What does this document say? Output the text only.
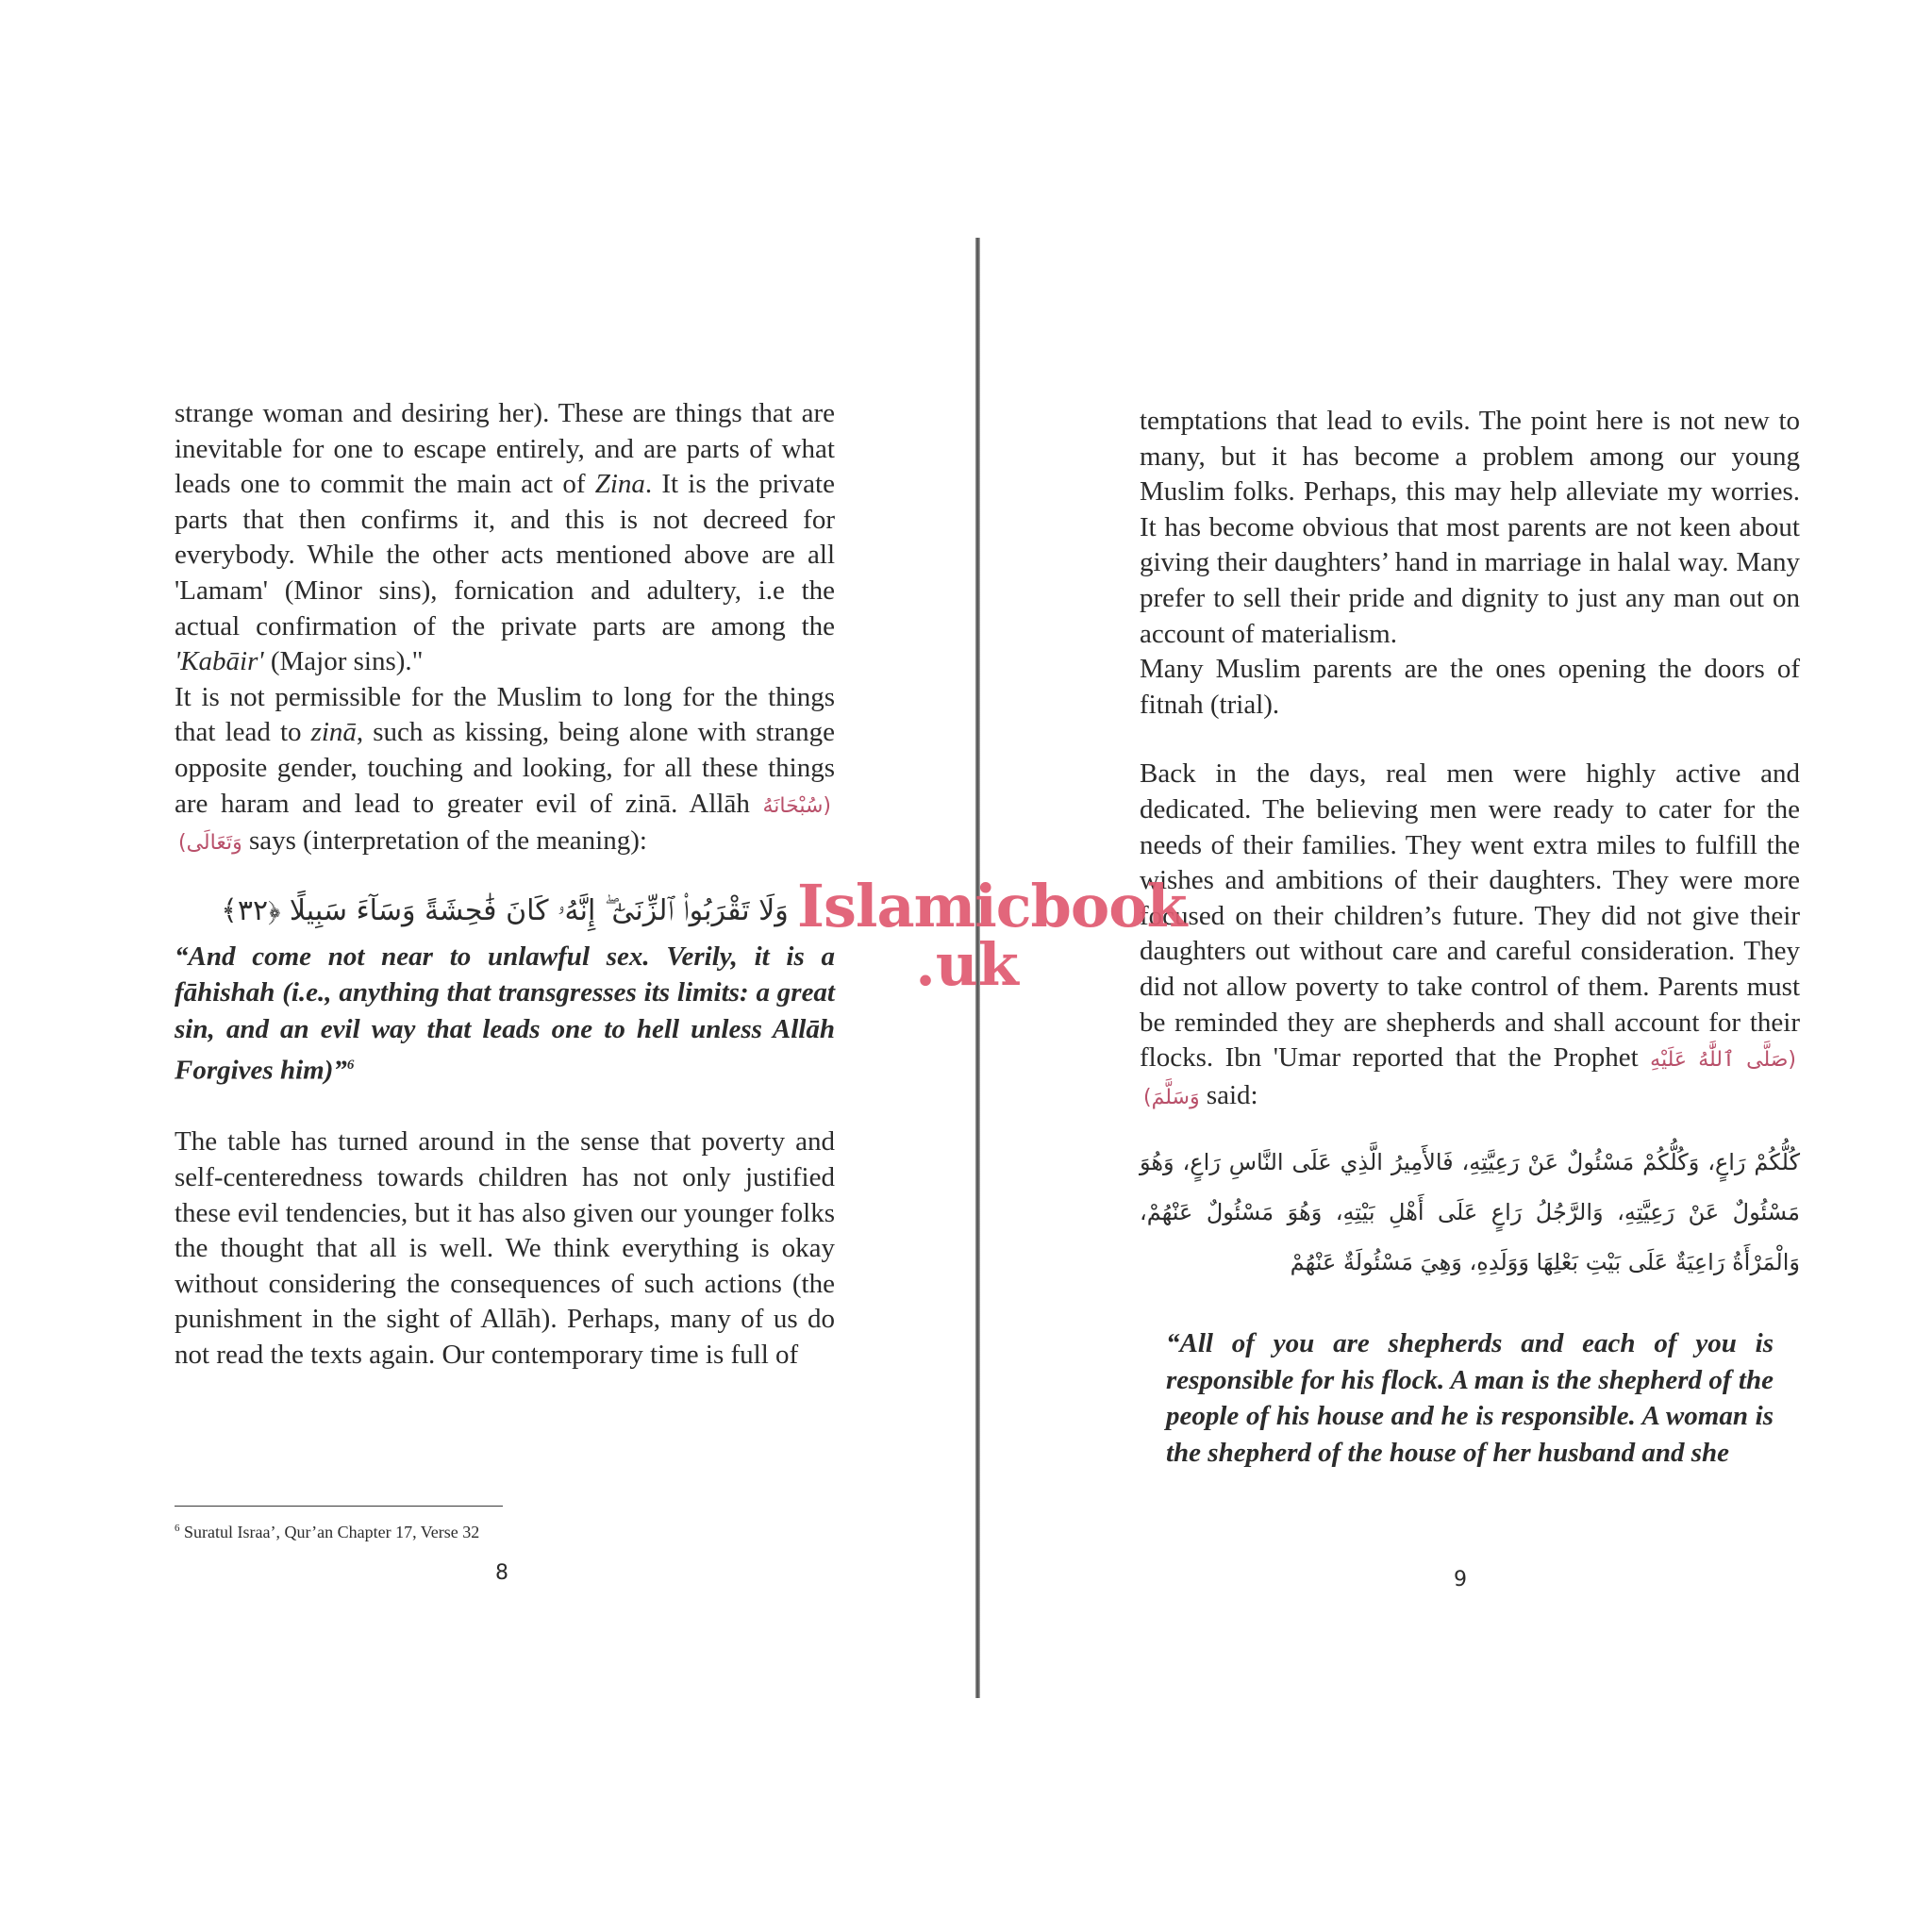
strange woman and desiring her). These are things that are inevitable for one to escape entirely, and are parts of what leads one to commit the main act of Zina. It is the private parts that then confirms it, and this is not decreed for everybody. While the other acts mentioned above are all 'Lamam' (Minor sins), fornication and adultery, i.e the actual confirmation of the private parts are among the 'Kabāir' (Major sins)."

It is not permissible for the Muslim to long for the things that lead to zinā, such as kissing, being alone with strange opposite gender, touching and looking, for all these things are haram and lead to greater evil of zinā. Allāh (سُبْحَانَهُ وَتَعَالَى) says (interpretation of the meaning):

وَلَا تَقْرَبُوا۟ ٱلزِّنَىٰٓ ۖ إِنَّهُۥ كَانَ فَٰحِشَةً وَسَآءَ سَبِيلًا ﴿٣٢﴾

“And come not near to unlawful sex. Verily, it is a fāhishah (i.e., anything that transgresses its limits: a great sin, and an evil way that leads one to hell unless Allāh Forgives him)”$^6$

The table has turned around in the sense that poverty and self-centeredness towards children has not only justified these evil tendencies, but it has also given our younger folks the thought that all is well. We think everything is okay without considering the consequences of such actions (the punishment in the sight of Allāh). Perhaps, many of us do not read the texts again. Our contemporary time is full of

$^6$ Suratul Israa’, Qur’an Chapter 17, Verse 32
8

temptations that lead to evils. The point here is not new to many, but it has become a problem among our young Muslim folks. Perhaps, this may help alleviate my worries. It has become obvious that most parents are not keen about giving their daughters’ hand in marriage in halal way. Many prefer to sell their pride and dignity to just any man out on account of materialism.

Many Muslim parents are the ones opening the doors of fitnah (trial).

Back in the days, real men were highly active and dedicated. The believing men were ready to cater for the needs of their families. They went extra miles to fulfill the wishes and ambitions of their daughters. They were more focused on their children’s future. They did not give their daughters out without care and careful consideration. They did not allow poverty to take control of them. Parents must be reminded they are shepherds and shall account for their flocks. Ibn 'Umar reported that the Prophet (صَلَّى ٱللَّٰهُ عَلَيْهِ وَسَلَّمَ) said:

كُلُّكُمْ رَاعٍ، وَكُلُّكُمْ مَسْئُولٌ عَنْ رَعِيَّتِهِ، فَالأَمِيرُ الَّذِي عَلَى النَّاسِ رَاعٍ، وَهُوَ مَسْئُولٌ عَنْ رَعِيَّتِهِ، وَالرَّجُلُ رَاعٍ عَلَى أَهْلِ بَيْتِهِ، وَهُوَ مَسْئُولٌ عَنْهُمْ، وَالْمَرْأَةُ رَاعِيَةٌ عَلَى بَيْتِ بَعْلِهَا وَوَلَدِهِ، وَهِيَ مَسْئُولَةٌ عَنْهُمْ

“All of you are shepherds and each of you is responsible for his flock. A man is the shepherd of the people of his house and he is responsible. A woman is the shepherd of the house of her husband and she

9
Islamicbook
.uk
